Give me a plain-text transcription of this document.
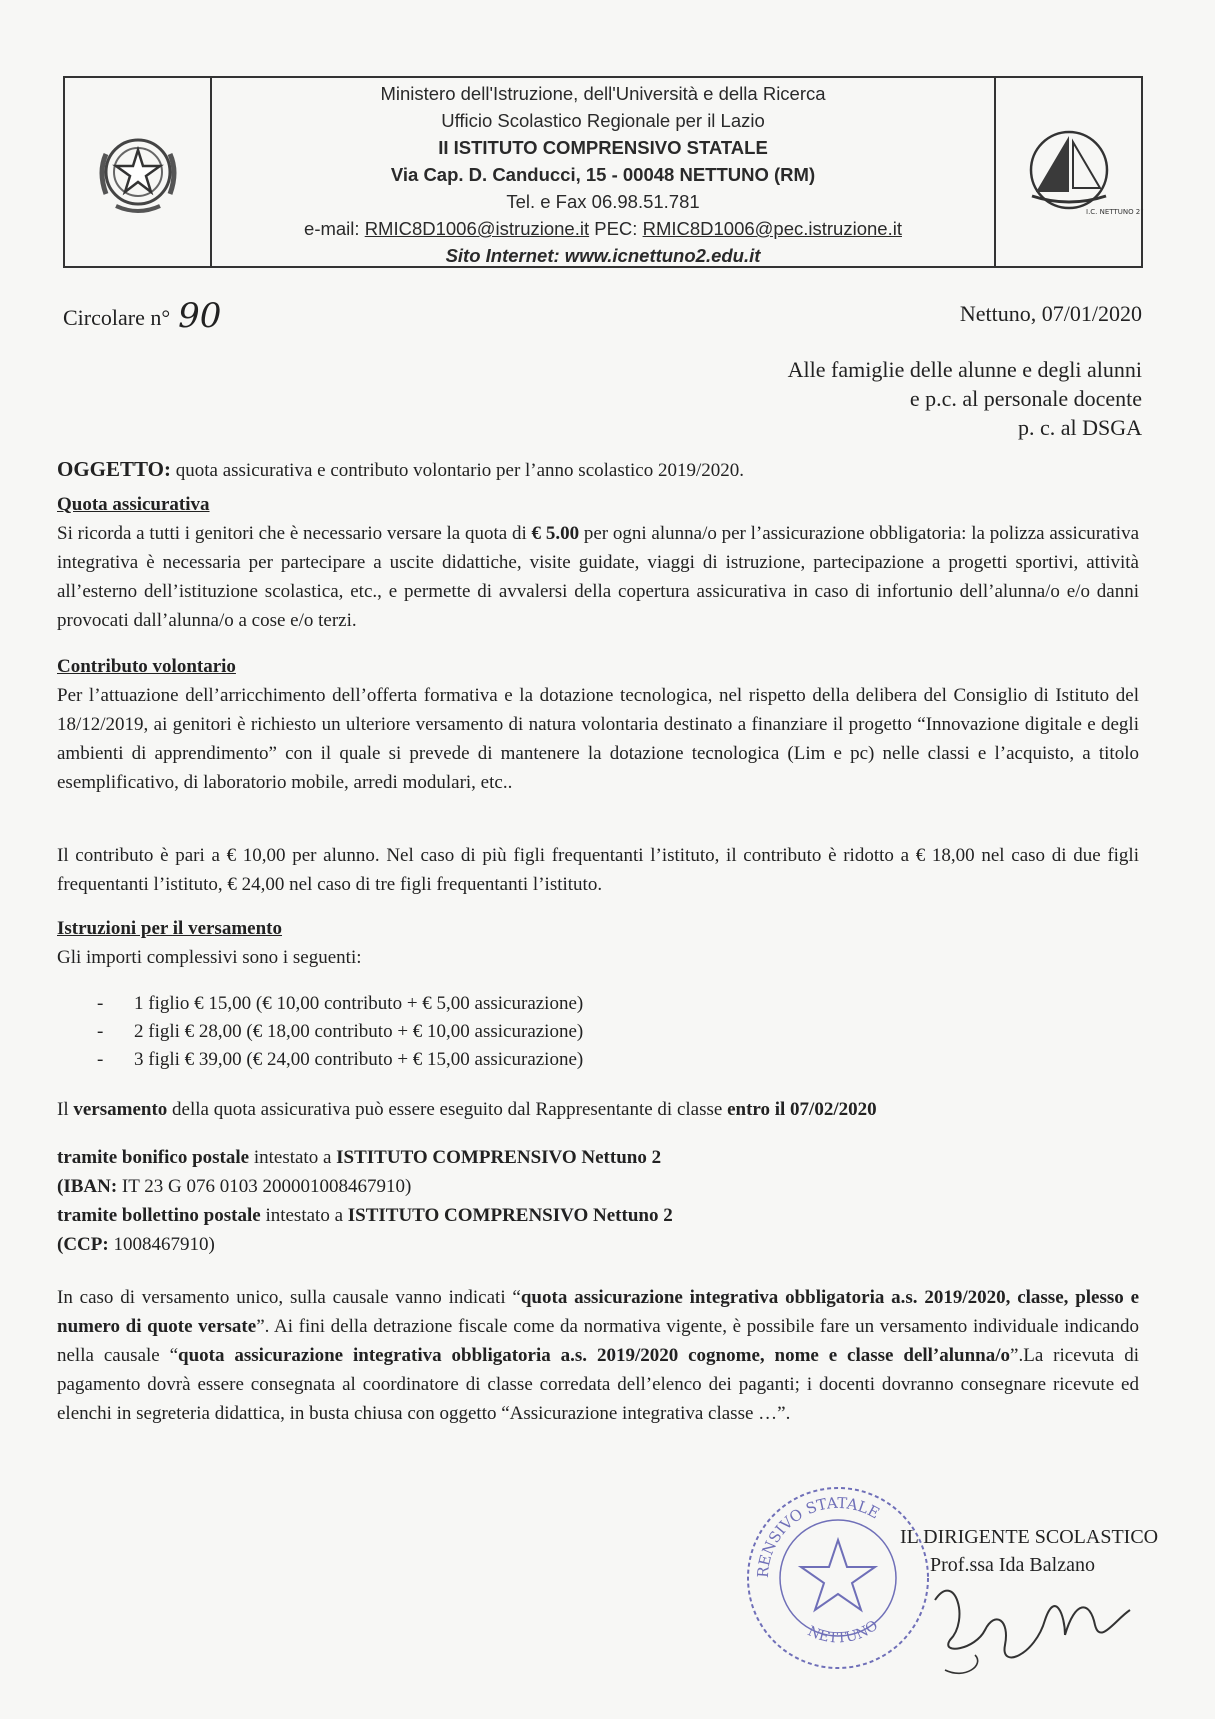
Ministero dell'Istruzione, dell'Università e della Ricerca
Ufficio Scolastico Regionale per il Lazio
II ISTITUTO COMPRENSIVO STATALE
Via Cap. D. Canducci, 15 - 00048 NETTUNO (RM)
Tel. e Fax 06.98.51.781
e-mail: RMIC8D1006@istruzione.it PEC: RMIC8D1006@pec.istruzione.it
Sito Internet: www.icnettuno2.edu.it
I.C. NETTUNO 2°
Circolare n° 90	Nettuno, 07/01/2020
Alle famiglie delle alunne e degli alunni
e p.c. al personale docente
p. c. al DSGA

OGGETTO: quota assicurativa e contributo volontario per l’anno scolastico 2019/2020.

Quota assicurativa

Si ricorda a tutti i genitori che è necessario versare la quota di € 5.00 per ogni alunna/o per l’assicurazione obbligatoria: la polizza assicurativa integrativa è necessaria per partecipare a uscite didattiche, visite guidate, viaggi di istruzione, partecipazione a progetti sportivi, attività all’esterno dell’istituzione scolastica, etc., e permette di avvalersi della copertura assicurativa in caso di infortunio dell’alunna/o e/o danni provocati dall’alunna/o a cose e/o terzi.

Contributo volontario

Per l’attuazione dell’arricchimento dell’offerta formativa e la dotazione tecnologica, nel rispetto della delibera del Consiglio di Istituto del 18/12/2019, ai genitori è richiesto un ulteriore versamento di natura volontaria destinato a finanziare il progetto “Innovazione digitale e degli ambienti di apprendimento” con il quale si prevede di mantenere la dotazione tecnologica (Lim e pc) nelle classi e l’acquisto, a titolo esemplificativo, di laboratorio mobile, arredi modulari, etc..

Il contributo è pari a € 10,00 per alunno. Nel caso di più figli frequentanti l’istituto, il contributo è ridotto a € 18,00 nel caso di due figli frequentanti l’istituto, € 24,00 nel caso di tre figli frequentanti l’istituto.

Istruzioni per il versamento
Gli importi complessivi sono i seguenti:
- 1 figlio € 15,00 (€ 10,00 contributo + € 5,00 assicurazione)
- 2 figli € 28,00 (€ 18,00 contributo + € 10,00 assicurazione)
- 3 figli € 39,00 (€ 24,00 contributo + € 15,00 assicurazione)

Il versamento della quota assicurativa può essere eseguito dal Rappresentante di classe entro il 07/02/2020

tramite bonifico postale intestato a ISTITUTO COMPRENSIVO Nettuno 2
(IBAN: IT 23 G 076 0103 200001008467910)
tramite bollettino postale intestato a ISTITUTO COMPRENSIVO Nettuno 2
(CCP: 1008467910)

In caso di versamento unico, sulla causale vanno indicati “quota assicurazione integrativa obbligatoria a.s. 2019/2020, classe, plesso e numero di quote versate”. Ai fini della detrazione fiscale come da normativa vigente, è possibile fare un versamento individuale indicando nella causale “quota assicurazione integrativa obbligatoria a.s. 2019/2020 cognome, nome e classe dell’alunna/o”.La ricevuta di pagamento dovrà essere consegnata al coordinatore di classe corredata dell’elenco dei paganti; i docenti dovranno consegnare ricevute ed elenchi in segreteria didattica, in busta chiusa con oggetto “Assicurazione integrativa classe …”.

RENSIVO STATALE
NETTUNO
IL DIRIGENTE SCOLASTICO
Prof.ssa Ida Balzano
